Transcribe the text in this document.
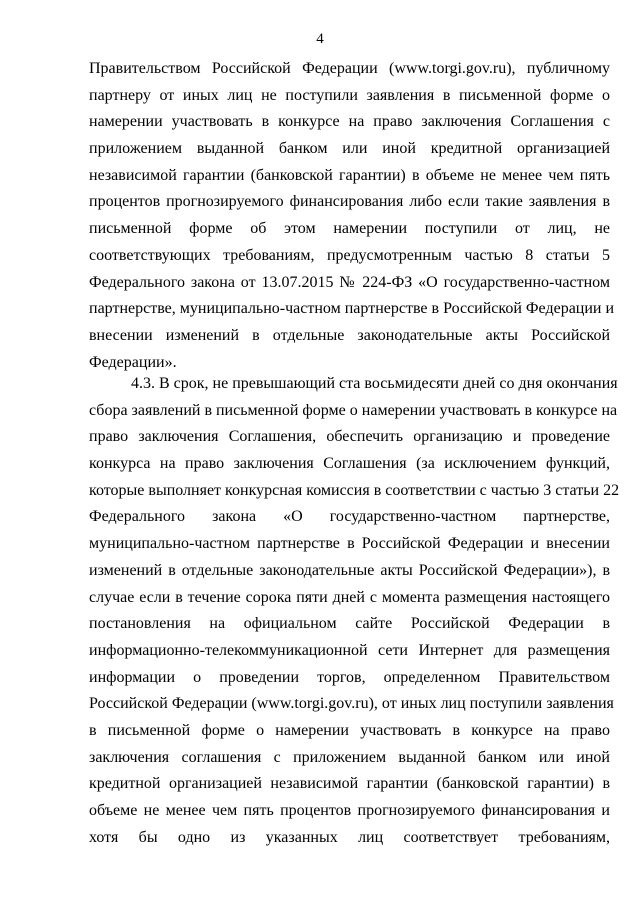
4
Правительством Российской Федерации (www.torgi.gov.ru), публичному
партнеру от иных лиц не поступили заявления в письменной форме о
намерении участвовать в конкурсе на право заключения Соглашения с
приложением выданной банком или иной кредитной организацией
независимой гарантии (банковской гарантии) в объеме не менее чем пять
процентов прогнозируемого финансирования либо если такие заявления в
письменной форме об этом намерении поступили от лиц, не
соответствующих требованиям, предусмотренным частью 8 статьи 5
Федерального закона от 13.07.2015 № 224-ФЗ «О государственно-частном
партнерстве, муниципально-частном партнерстве в Российской Федерации и
внесении изменений в отдельные законодательные акты Российской
Федерации».
4.3. В срок, не превышающий ста восьмидесяти дней со дня окончания
сбора заявлений в письменной форме о намерении участвовать в конкурсе на
право заключения Соглашения, обеспечить организацию и проведение
конкурса на право заключения Соглашения (за исключением функций,
которые выполняет конкурсная комиссия в соответствии с частью 3 статьи 22
Федерального закона «О государственно-частном партнерстве,
муниципально-частном партнерстве в Российской Федерации и внесении
изменений в отдельные законодательные акты Российской Федерации»), в
случае если в течение сорока пяти дней с момента размещения настоящего
постановления на официальном сайте Российской Федерации в
информационно-телекоммуникационной сети Интернет для размещения
информации о проведении торгов, определенном Правительством
Российской Федерации (www.torgi.gov.ru), от иных лиц поступили заявления
в письменной форме о намерении участвовать в конкурсе на право
заключения соглашения с приложением выданной банком или иной
кредитной организацией независимой гарантии (банковской гарантии) в
объеме не менее чем пять процентов прогнозируемого финансирования и
хотя бы одно из указанных лиц соответствует требованиям,
